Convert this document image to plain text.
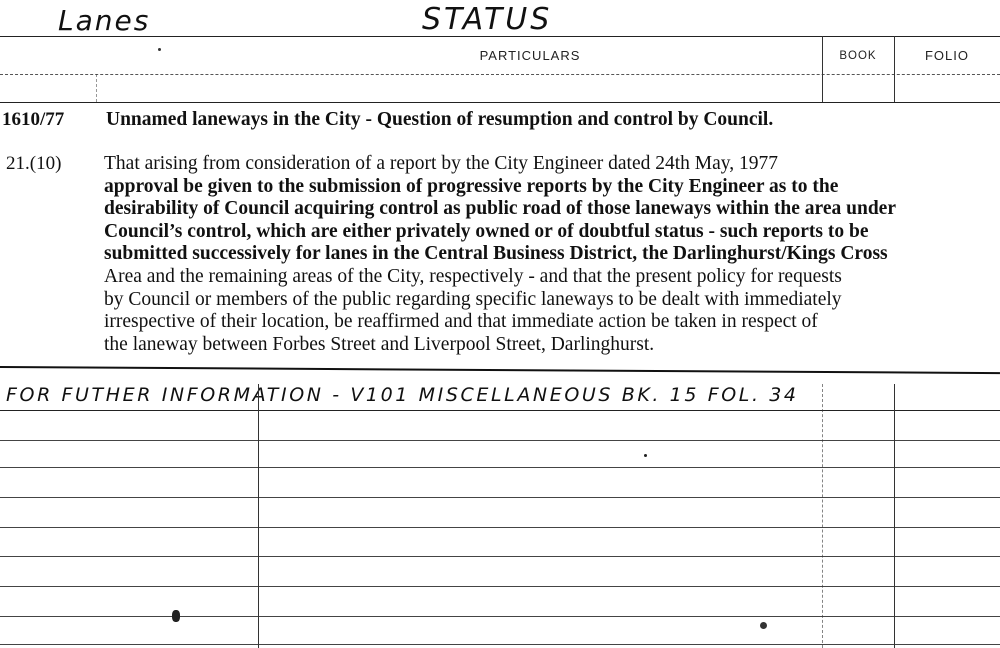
Lanes	STATUS
PARTICULARS	BOOK	FOLIO
1610/77 Unnamed laneways in the City - Question of resumption and control by Council.
21.(10) That arising from consideration of a report by the City Engineer dated 24th May, 1977
approval be given to the submission of progressive reports by the City Engineer as to the
desirability of Council acquiring control as public road of those laneways within the area under
Council’s control, which are either privately owned or of doubtful status - such reports to be
submitted successively for lanes in the Central Business District, the Darlinghurst/Kings Cross
Area and the remaining areas of the City, respectively - and that the present policy for requests
by Council or members of the public regarding specific laneways to be dealt with immediately
irrespective of their location, be reaffirmed and that immediate action be taken in respect of
the laneway between Forbes Street and Liverpool Street, Darlinghurst.
FOR FUTHER INFORMATION - V101 MISCELLANEOUS BK. 15 FOL. 34
